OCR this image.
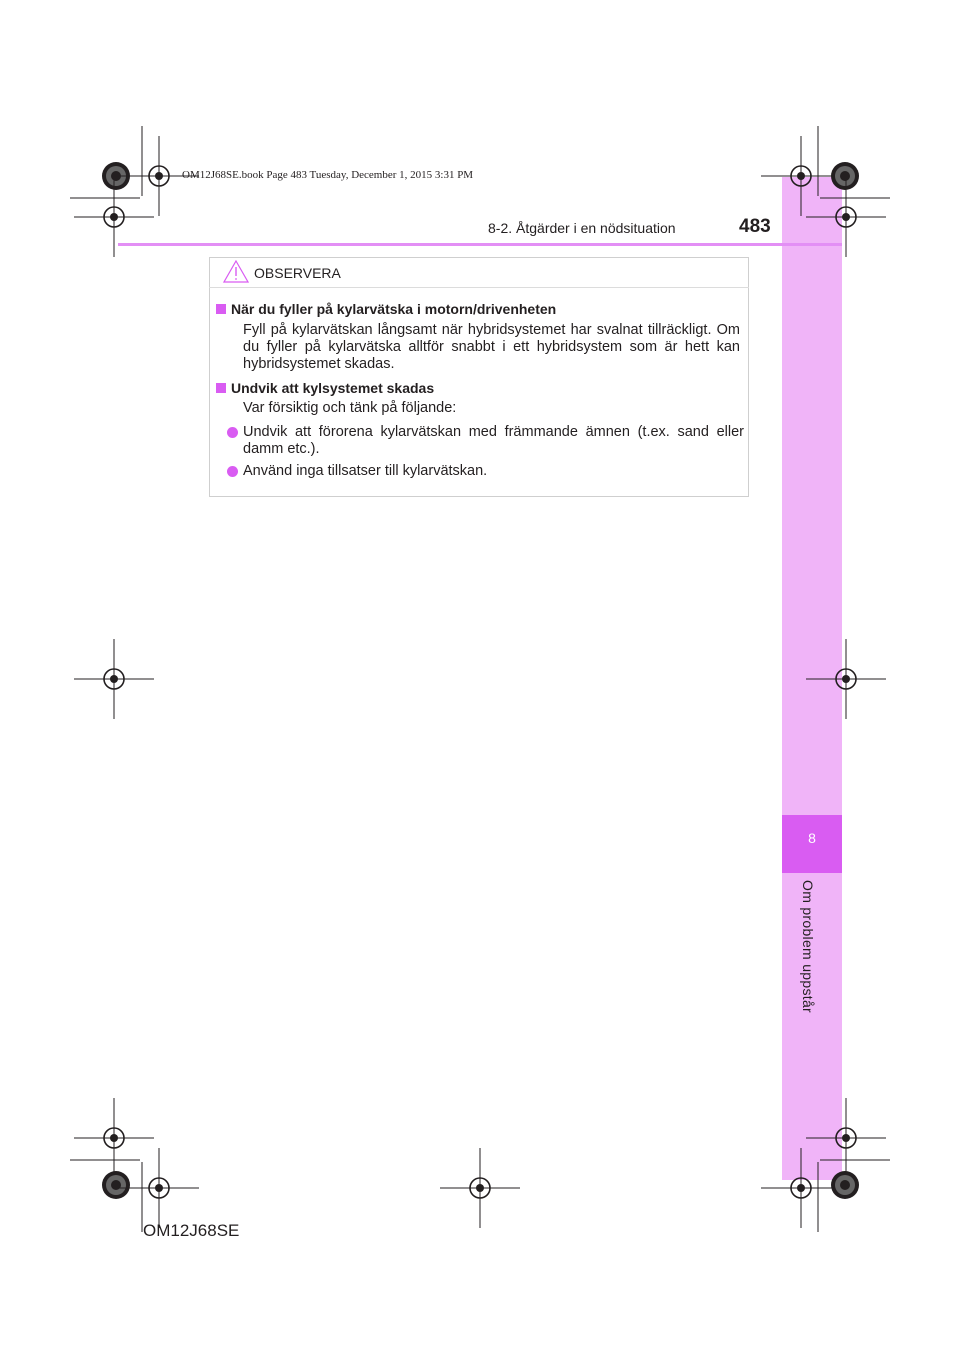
8
Om problem uppstår
OM12J68SE.book Page 483 Tuesday, December 1, 2015 3:31 PM
8-2. Åtgärder i en nödsituation	483
OBSERVERA
När du fyller på kylarvätska i motorn/drivenheten
Fyll på kylarvätskan långsamt när hybridsystemet har svalnat tillräckligt. Om du fyller på kylarvätska alltför snabbt i ett hybridsystem som är hett kan hybridsystemet skadas.
Undvik att kylsystemet skadas
Var försiktig och tänk på följande:
Undvik att förorena kylarvätskan med främmande ämnen (t.ex. sand eller damm etc.).
Använd inga tillsatser till kylarvätskan.
OM12J68SE
